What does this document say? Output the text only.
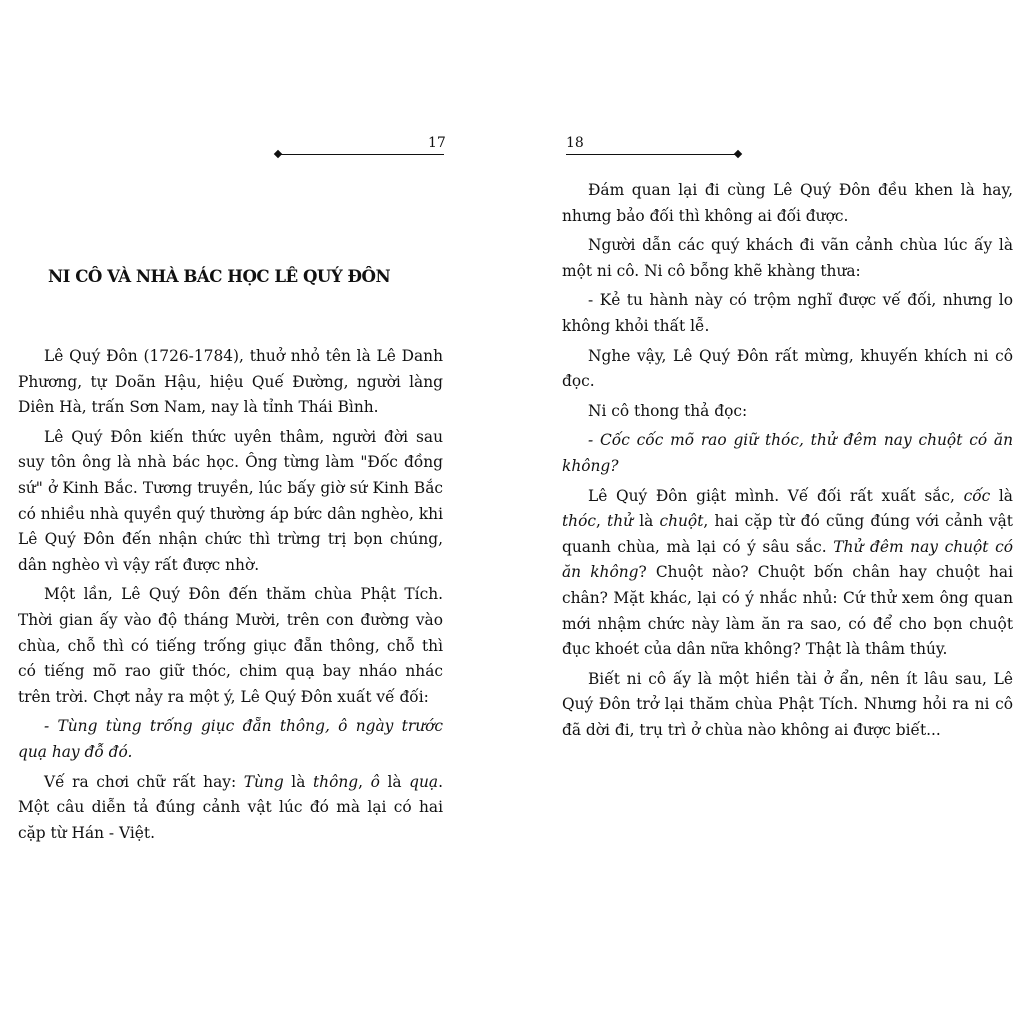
17
NI CÔ VÀ NHÀ BÁC HỌC LÊ QUÝ ĐÔN

Lê Quý Đôn (1726-1784), thuở nhỏ tên là Lê Danh Phương, tự Doãn Hậu, hiệu Quế Đường, người làng Diên Hà, trấn Sơn Nam, nay là tỉnh Thái Bình.

Lê Quý Đôn kiến thức uyên thâm, người đời sau suy tôn ông là nhà bác học. Ông từng làm "Đốc đồng sứ" ở Kinh Bắc. Tương truyền, lúc bấy giờ sứ Kinh Bắc có nhiều nhà quyền quý thường áp bức dân nghèo, khi Lê Quý Đôn đến nhận chức thì trừng trị bọn chúng, dân nghèo vì vậy rất được nhờ.

Một lần, Lê Quý Đôn đến thăm chùa Phật Tích. Thời gian ấy vào độ tháng Mười, trên con đường vào chùa, chỗ thì có tiếng trống giục đẵn thông, chỗ thì có tiếng mõ rao giữ thóc, chim quạ bay nháo nhác trên trời. Chợt nảy ra một ý, Lê Quý Đôn xuất vế đối:

- Tùng tùng trống giục đẵn thông, ô ngày trước quạ hay đỗ đó.

Vế ra chơi chữ rất hay: Tùng là thông, ô là quạ. Một câu diễn tả đúng cảnh vật lúc đó mà lại có hai cặp từ Hán - Việt.

18

Đám quan lại đi cùng Lê Quý Đôn đều khen là hay, nhưng bảo đối thì không ai đối được.

Người dẫn các quý khách đi vãn cảnh chùa lúc ấy là một ni cô. Ni cô bỗng khẽ khàng thưa:

- Kẻ tu hành này có trộm nghĩ được vế đối, nhưng lo không khỏi thất lễ.

Nghe vậy, Lê Quý Đôn rất mừng, khuyến khích ni cô đọc.

Ni cô thong thả đọc:

- Cốc cốc mõ rao giữ thóc, thử đêm nay chuột có ăn không?

Lê Quý Đôn giật mình. Vế đối rất xuất sắc, cốc là thóc, thử là chuột, hai cặp từ đó cũng đúng với cảnh vật quanh chùa, mà lại có ý sâu sắc. Thử đêm nay chuột có ăn không? Chuột nào? Chuột bốn chân hay chuột hai chân? Mặt khác, lại có ý nhắc nhủ: Cứ thử xem ông quan mới nhậm chức này làm ăn ra sao, có để cho bọn chuột đục khoét của dân nữa không? Thật là thâm thúy.

Biết ni cô ấy là một hiền tài ở ẩn, nên ít lâu sau, Lê Quý Đôn trở lại thăm chùa Phật Tích. Nhưng hỏi ra ni cô đã dời đi, trụ trì ở chùa nào không ai được biết...
